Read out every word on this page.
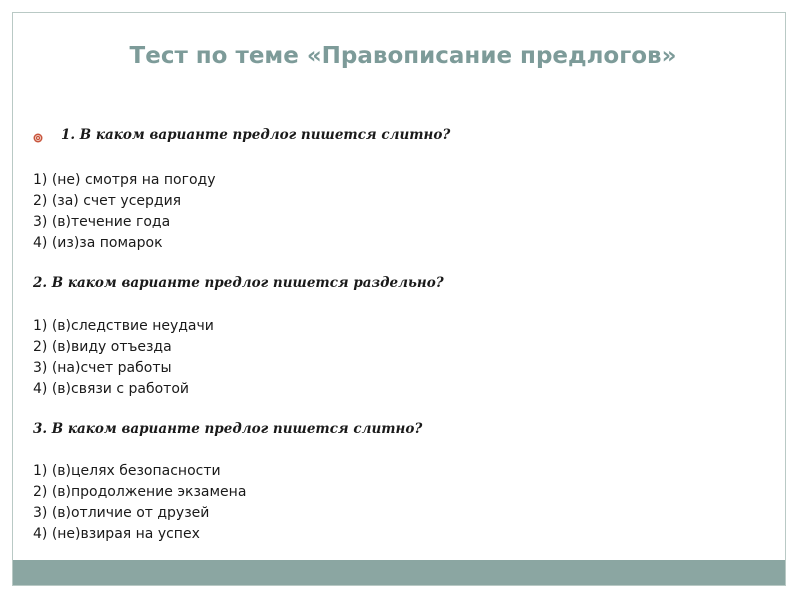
Тест по теме «Правописание предлогов»
1. В каком варианте предлог пишется слитно?
1) (не) смотря на погоду
2) (за) счет усердия
3) (в)течение года
4) (из)за помарок
2. В каком варианте предлог пишется раздельно?
1) (в)следствие неудачи
2) (в)виду отъезда
3) (на)счет работы
4) (в)связи с работой
3. В каком варианте предлог пишется слитно?
1) (в)целях безопасности
2) (в)продолжение экзамена
3) (в)отличие от друзей
4) (не)взирая на успех
